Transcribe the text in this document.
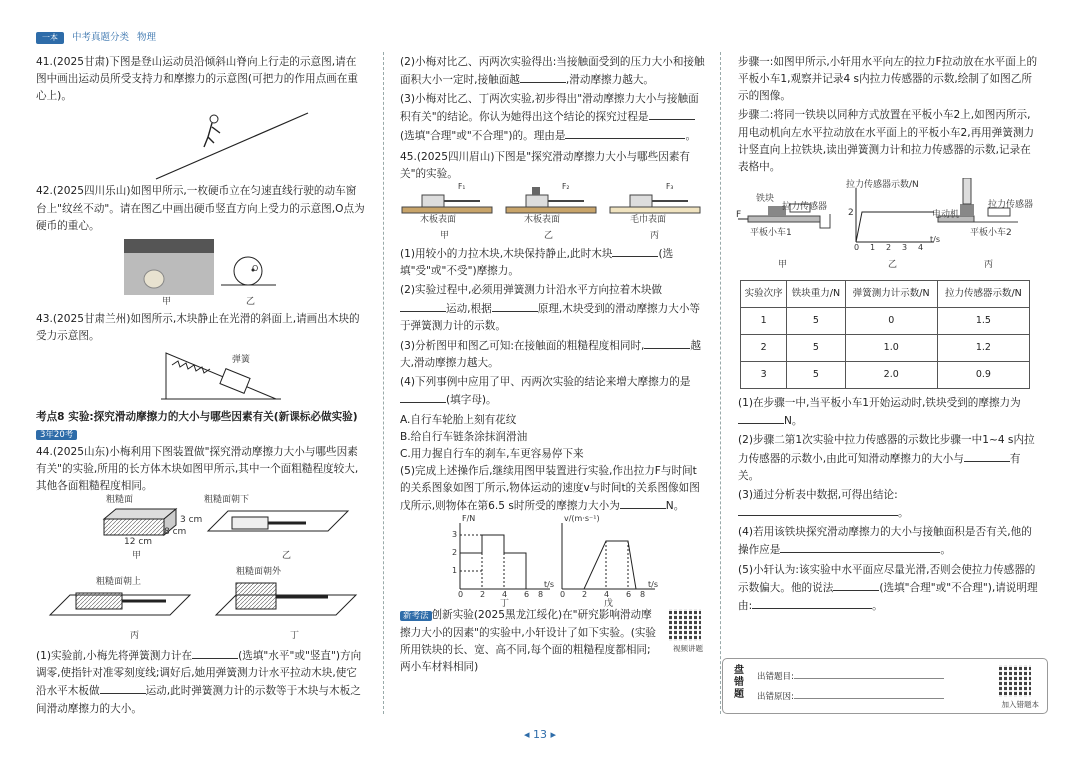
一本	中考真题分类 物理

41.(2025甘肃)下图是登山运动员沿倾斜山脊向上行走的示意图,请在图中画出运动员所受支持力和摩擦力的示意图(可把力的作用点画在重心上)。

42.(2025四川乐山)如图甲所示,一枚硬币立在匀速直线行驶的动车窗台上"纹丝不动"。请在图乙中画出硬币竖直方向上受力的示意图,O点为硬币的重心。

O
甲	乙

43.(2025甘肃兰州)如图所示,木块静止在光滑的斜面上,请画出木块的受力示意图。

弹簧

考点8 实验:探究滑动摩擦力的大小与哪些因素有关(新课标必做实验) 3年20考

44.(2025山东)小梅利用下图装置做"探究滑动摩擦力大小与哪些因素有关"的实验,所用的长方体木块如图甲所示,其中一个面粗糙程度较大,其他各面粗糙程度相同。

粗糙面
3 cm
8 cm
12 cm
粗糙面朝下
粗糙面朝上
粗糙面朝外
甲	乙
丙	丁

(1)实验前,小梅先将弹簧测力计在	(选填"水平"或"竖直")方向调零,使指针对准零刻度线;调好后,她用弹簧测力计水平拉动木块,使它沿水平木板做	运动,此时弹簧测力计的示数等于木块与木板之间滑动摩擦力的大小。

(2)小梅对比乙、丙两次实验得出:当接触面受到的压力大小和接触面积大小一定时,接触面越	,滑动摩擦力越大。

(3)小梅对比乙、丁两次实验,初步得出"滑动摩擦力大小与接触面积有关"的结论。你认为她得出这个结论的探究过程是(选填"合理"或"不合理")的。理由是	。

45.(2025四川眉山)下图是"探究滑动摩擦力大小与哪些因素有关"的实验。

F₁	F₂	F₃
木板表面	木板表面	毛巾表面
甲	乙	丙

(1)用较小的力拉木块,木块保持静止,此时木块	(选填"受"或"不受")摩擦力。

(2)实验过程中,必须用弹簧测力计沿水平方向拉着木块做运动,根据	原理,木块受到的滑动摩擦力大小等于弹簧测力计的示数。

(3)分析图甲和图乙可知:在接触面的粗糙程度相同时,	越大,滑动摩擦力越大。

(4)下列事例中应用了甲、丙两次实验的结论来增大摩擦力的是(填字母)。

A.自行车轮胎上刻有花纹

B.给自行车链条涂抹润滑油

C.用力握自行车的刹车,车更容易停下来

(5)完成上述操作后,继续用图甲装置进行实验,作出拉力F与时间t的关系图象如图丁所示,物体运动的速度v与时间t的关系图像如图戊所示,则物体在第6.5 s时所受的摩擦力大小为	N。

F/N
3
2
1
0 2 4 6 8
t/s
丁
v/(m·s⁻¹)
0 2 4 6 8
t/s
戊

新考法 创新实验(2025黑龙江绥化)在"研究影响滑动摩擦力大小的因素"的实验中,小轩设计了如下实验。(实验所用铁块的长、宽、高不同,每个面的粗糙程度都相同;两小车材料相同)

视频讲题

步骤一:如图甲所示,小轩用水平向左的拉力F拉动放在水平面上的平板小车1,观察并记录4 s内拉力传感器的示数,绘制了如图乙所示的图像。

步骤二:将同一铁块以同种方式放置在平板小车2上,如图丙所示,用电动机向左水平拉动放在水平面上的平板小车2,再用弹簧测力计竖直向上拉铁块,读出弹簧测力计和拉力传感器的示数,记录在表格中。

铁块
拉力传感器
F
平板小车1
拉力传感器示数/N
2
0 1 2 3 4
t/s
电动机
拉力传感器
平板小车2
甲	乙	丙
实验次序	铁块重力/N	弹簧测力计示数/N	拉力传感器示数/N
1	5	0	1.5
2	5	1.0	1.2
3	5	2.0	0.9

(1)在步骤一中,当平板小车1开始运动时,铁块受到的摩擦力为N。

(2)步骤二第1次实验中拉力传感器的示数比步骤一中1~4 s内拉力传感器的示数小,由此可知滑动摩擦力的大小与	有关。

(3)通过分析表中数据,可得出结论:。

(4)若用该铁块探究滑动摩擦力的大小与接触面积是否有关,他的操作应是	。

(5)小轩认为:该实验中水平面应尽量光滑,否则会使拉力传感器的示数偏大。他的说法	(选填"合理"或"不合理"),请说明理由:	。

盘错题
出错题目:
出错原因:
加入错题本
◂ 13 ▸
